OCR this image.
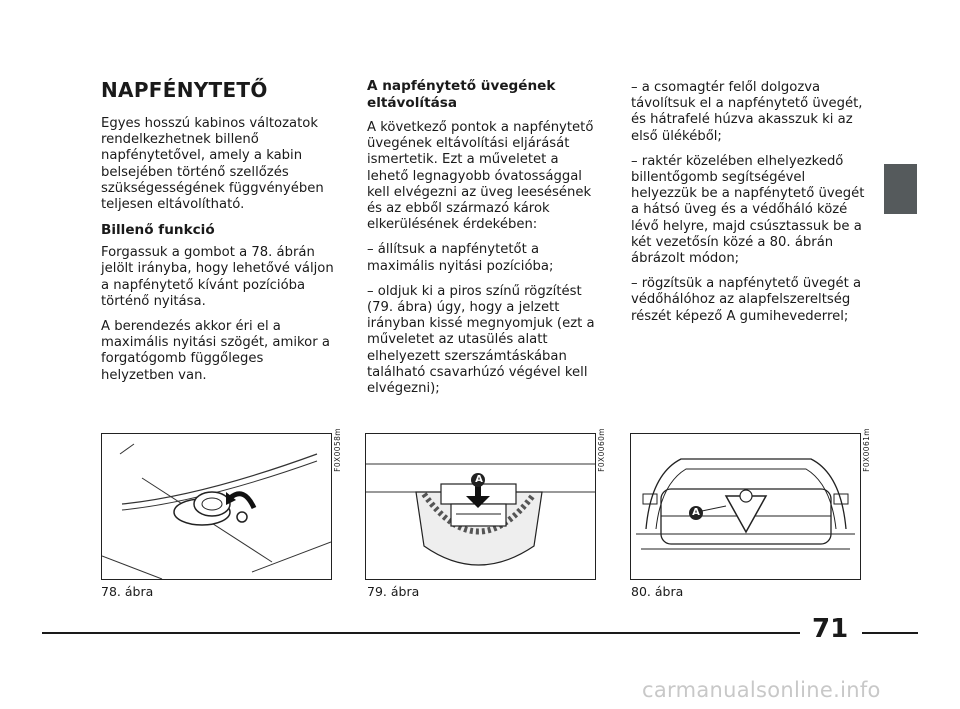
NAPFÉNYTETŐ

Egyes hosszú kabinos változatok rendelkezhetnek billenő napfénytetővel, amely a kabin belsejében történő szellőzés szükségességének függvényében teljesen eltávolítható.

Billenő funkció

Forgassuk a gombot a 78. ábrán jelölt irányba, hogy lehetővé váljon a napfénytető kívánt pozícióba történő nyitása.

A berendezés akkor éri el a maximális nyitási szögét, amikor a forgatógomb függőleges helyzetben van.

A napfénytető üvegének eltávolítása

A következő pontok a napfénytető üvegének eltávolítási eljárását ismertetik. Ezt a műveletet a lehető legnagyobb óvatossággal kell elvégezni az üveg leesésének és az ebből származó károk elkerülésének érdekében:

– állítsuk a napfénytetőt a maximális nyitási pozícióba;

– oldjuk ki a piros színű rögzítést (79. ábra) úgy, hogy a jelzett irányban kissé megnyomjuk (ezt a műveletet az utasülés alatt elhelyezett szerszámtáskában található csavarhúzó végével kell elvégezni);

– a csomagtér felől dolgozva távolítsuk el a napfénytető üvegét, és hátrafelé húzva akasszuk ki az első ülékéből;

– raktér közelében elhelyezkedő billentőgomb segítségével helyezzük be a napfénytető üvegét a hátsó üveg és a védőháló közé lévő helyre, majd csúsztassuk be a két vezetősín közé a 80. ábrán ábrázolt módon;

– rögzítsük a napfénytető üvegét a védőhálóhoz az alapfelszereltség részét képező A gumihevederrel;

F0X0058m
78. ábra
A
F0X0060m
79. ábra
A
F0X0061m
80. ábra
71
carmanualsonline.info
